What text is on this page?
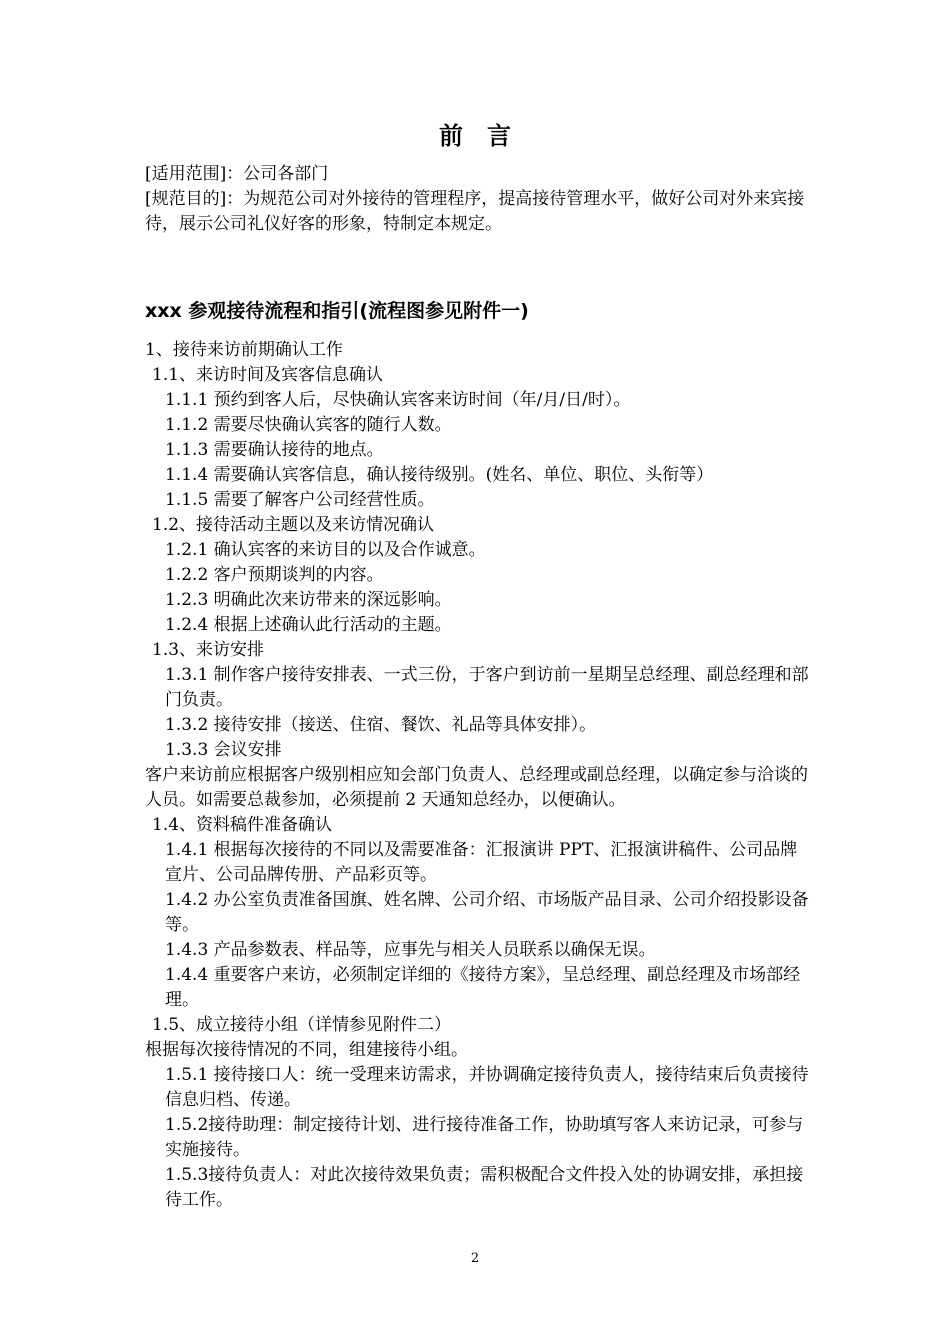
前　言
[适用范围]：公司各部门
[规范目的]：为规范公司对外接待的管理程序，提高接待管理水平，做好公司对外来宾接待，展示公司礼仪好客的形象，特制定本规定。
xxx 参观接待流程和指引(流程图参见附件一)
1、接待来访前期确认工作
1.1、来访时间及宾客信息确认
1.1.1 预约到客人后，尽快确认宾客来访时间（年/月/日/时）。
1.1.2 需要尽快确认宾客的随行人数。
1.1.3 需要确认接待的地点。
1.1.4 需要确认宾客信息，确认接待级别。(姓名、单位、职位、头衔等）
1.1.5 需要了解客户公司经营性质。
1.2、接待活动主题以及来访情况确认
1.2.1 确认宾客的来访目的以及合作诚意。
1.2.2 客户预期谈判的内容。
1.2.3 明确此次来访带来的深远影响。
1.2.4 根据上述确认此行活动的主题。
1.3、来访安排
1.3.1 制作客户接待安排表、一式三份，于客户到访前一星期呈总经理、副总经理和部门负责。
1.3.2 接待安排（接送、住宿、餐饮、礼品等具体安排）。
1.3.3 会议安排
客户来访前应根据客户级别相应知会部门负责人、总经理或副总经理，以确定参与洽谈的人员。如需要总裁参加，必须提前 2 天通知总经办，以便确认。
1.4、资料稿件准备确认
1.4.1 根据每次接待的不同以及需要准备：汇报演讲 PPT、汇报演讲稿件、公司品牌宣片、公司品牌传册、产品彩页等。
1.4.2 办公室负责准备国旗、姓名牌、公司介绍、市场版产品目录、公司介绍投影设备等。
1.4.3 产品参数表、样品等，应事先与相关人员联系以确保无误。
1.4.4 重要客户来访，必须制定详细的《接待方案》，呈总经理、副总经理及市场部经理。
1.5、成立接待小组（详情参见附件二）
根据每次接待情况的不同，组建接待小组。
1.5.1 接待接口人：统一受理来访需求，并协调确定接待负责人，接待结束后负责接待信息归档、传递。
1.5.2接待助理：制定接待计划、进行接待准备工作，协助填写客人来访记录，可参与实施接待。
1.5.3接待负责人：对此次接待效果负责；需积极配合文件投入处的协调安排，承担接待工作。
2
